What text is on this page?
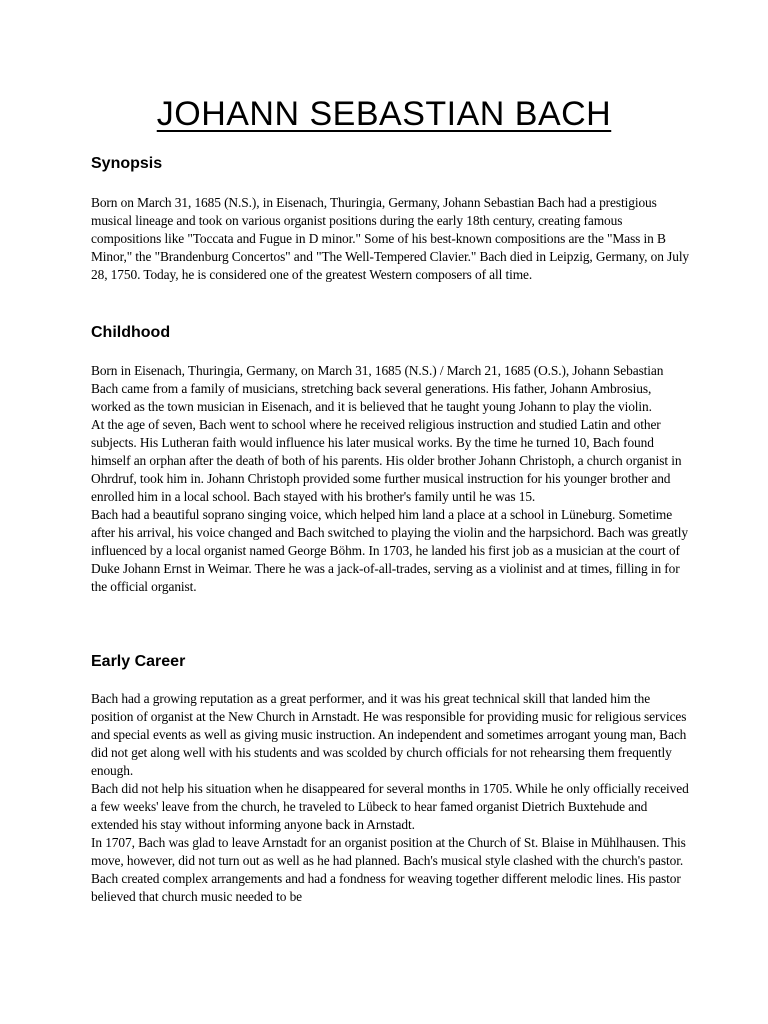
JOHANN SEBASTIAN BACH
Synopsis

Born on March 31, 1685 (N.S.), in Eisenach, Thuringia, Germany, Johann Sebastian Bach had a prestigious musical lineage and took on various organist positions during the early 18th century, creating famous compositions like "Toccata and Fugue in D minor." Some of his best-known compositions are the "Mass in B Minor," the "Brandenburg Concertos" and "The Well-Tempered Clavier." Bach died in Leipzig, Germany, on July 28, 1750. Today, he is considered one of the greatest Western composers of all time.

Childhood

Born in Eisenach, Thuringia, Germany, on March 31, 1685 (N.S.) / March 21, 1685 (O.S.), Johann Sebastian Bach came from a family of musicians, stretching back several generations. His father, Johann Ambrosius, worked as the town musician in Eisenach, and it is believed that he taught young Johann to play the violin.

At the age of seven, Bach went to school where he received religious instruction and studied Latin and other subjects. His Lutheran faith would influence his later musical works. By the time he turned 10, Bach found himself an orphan after the death of both of his parents. His older brother Johann Christoph, a church organist in Ohrdruf, took him in. Johann Christoph provided some further musical instruction for his younger brother and enrolled him in a local school. Bach stayed with his brother's family until he was 15.

Bach had a beautiful soprano singing voice, which helped him land a place at a school in Lüneburg. Sometime after his arrival, his voice changed and Bach switched to playing the violin and the harpsichord. Bach was greatly influenced by a local organist named George Böhm. In 1703, he landed his first job as a musician at the court of Duke Johann Ernst in Weimar. There he was a jack-of-all-trades, serving as a violinist and at times, filling in for the official organist.

Early Career

Bach had a growing reputation as a great performer, and it was his great technical skill that landed him the position of organist at the New Church in Arnstadt. He was responsible for providing music for religious services and special events as well as giving music instruction. An independent and sometimes arrogant young man, Bach did not get along well with his students and was scolded by church officials for not rehearsing them frequently enough.

Bach did not help his situation when he disappeared for several months in 1705. While he only officially received a few weeks' leave from the church, he traveled to Lübeck to hear famed organist Dietrich Buxtehude and extended his stay without informing anyone back in Arnstadt.

In 1707, Bach was glad to leave Arnstadt for an organist position at the Church of St. Blaise in Mühlhausen. This move, however, did not turn out as well as he had planned. Bach's musical style clashed with the church's pastor. Bach created complex arrangements and had a fondness for weaving together different melodic lines. His pastor believed that church music needed to be
